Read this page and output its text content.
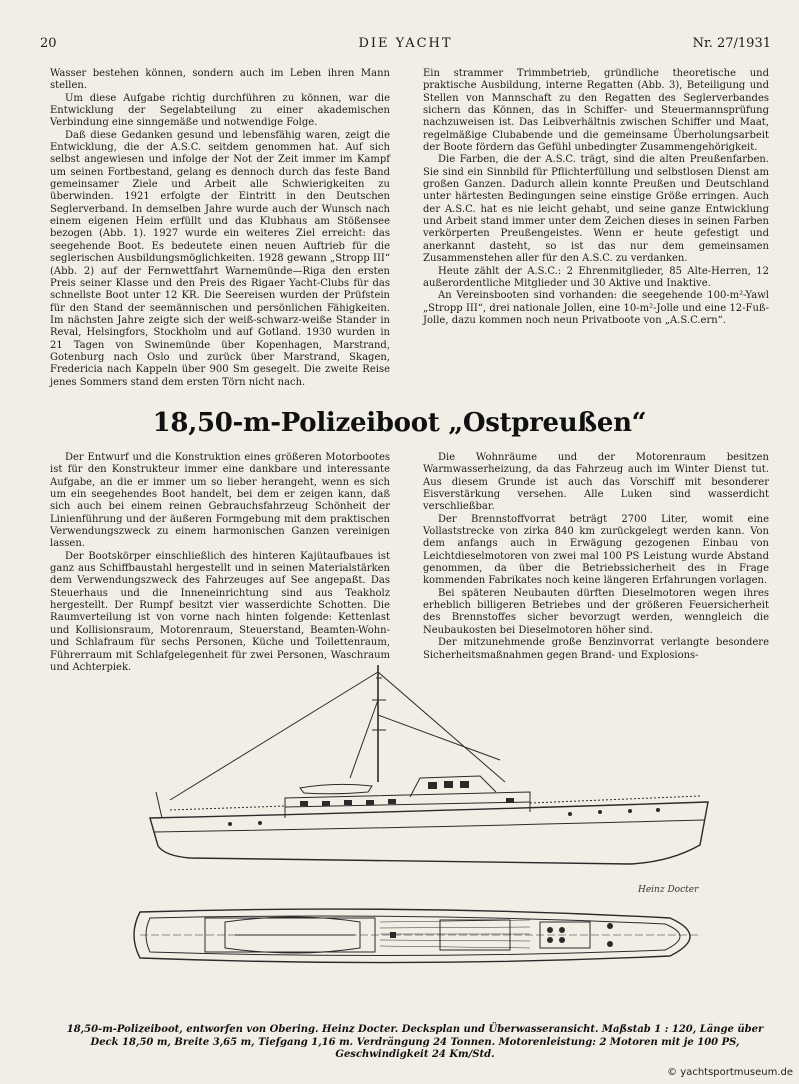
20	DIE YACHT	Nr. 27/1931

Wasser bestehen können, sondern auch im Leben ihren Mann stellen.

Um diese Aufgabe richtig durchführen zu können, war die Entwicklung der Segelabteilung zu einer akademischen Verbindung eine sinngemäße und notwendige Folge.

Daß diese Gedanken gesund und lebensfähig waren, zeigt die Entwicklung, die der A.S.C. seitdem genommen hat. Auf sich selbst angewiesen und infolge der Not der Zeit immer im Kampf um seinen Fortbestand, gelang es dennoch durch das feste Band gemeinsamer Ziele und Arbeit alle Schwierigkeiten zu überwinden. 1921 erfolgte der Eintritt in den Deutschen Seglerverband. In demselben Jahre wurde auch der Wunsch nach einem eigenen Heim erfüllt und das Klubhaus am Stößensee bezogen (Abb. 1). 1927 wurde ein weiteres Ziel erreicht: das seegehende Boot. Es bedeutete einen neuen Auftrieb für die seglerischen Ausbildungsmöglichkeiten. 1928 gewann „Stropp III“ (Abb. 2) auf der Fernwettfahrt Warnemünde—Riga den ersten Preis seiner Klasse und den Preis des Rigaer Yacht-Clubs für das schnellste Boot unter 12 KR. Die Seereisen wurden der Prüfstein für den Stand der seemännischen und persönlichen Fähigkeiten. Im nächsten Jahre zeigte sich der weiß-schwarz-weiße Stander in Reval, Helsingfors, Stockholm und auf Gotland. 1930 wurden in 21 Tagen von Swinemünde über Kopenhagen, Marstrand, Gotenburg nach Oslo und zurück über Marstrand, Skagen, Fredericia nach Kappeln über 900 Sm gesegelt. Die zweite Reise jenes Sommers stand dem ersten Törn nicht nach.

Ein strammer Trimmbetrieb, gründliche theoretische und praktische Ausbildung, interne Regatten (Abb. 3), Beteiligung und Stellen von Mannschaft zu den Regatten des Seglerverbandes sichern das Können, das in Schiffer- und Steuermannsprüfung nachzuweisen ist. Das Leibverhältnis zwischen Schiffer und Maat, regelmäßige Clubabende und die gemeinsame Überholungsarbeit der Boote fördern das Gefühl unbedingter Zusammengehörigkeit.

Die Farben, die der A.S.C. trägt, sind die alten Preußenfarben. Sie sind ein Sinnbild für Pflichterfüllung und selbstlosen Dienst am großen Ganzen. Dadurch allein konnte Preußen und Deutschland unter härtesten Bedingungen seine einstige Größe erringen. Auch der A.S.C. hat es nie leicht gehabt, und seine ganze Entwicklung und Arbeit stand immer unter dem Zeichen dieses in seinen Farben verkörperten Preußengeistes. Wenn er heute gefestigt und anerkannt dasteht, so ist das nur dem gemeinsamen Zusammenstehen aller für den A.S.C. zu verdanken.

Heute zählt der A.S.C.: 2 Ehrenmitglieder, 85 Alte-Herren, 12 außerordentliche Mitglieder und 30 Aktive und Inaktive.

An Vereinsbooten sind vorhanden: die seegehende 100-m²-Yawl „Stropp III“, drei nationale Jollen, eine 10-m²-Jolle und eine 12-Fuß-Jolle, dazu kommen noch neun Privatboote von „A.S.C.ern“.

18,50-m-Polizeiboot „Ostpreußen“

Der Entwurf und die Konstruktion eines größeren Motorbootes ist für den Konstrukteur immer eine dankbare und interessante Aufgabe, an die er immer um so lieber herangeht, wenn es sich um ein seegehendes Boot handelt, bei dem er zeigen kann, daß sich auch bei einem reinen Gebrauchsfahrzeug Schönheit der Linienführung und der äußeren Formgebung mit dem praktischen Verwendungszweck zu einem harmonischen Ganzen vereinigen lassen.

Der Bootskörper einschließlich des hinteren Kajütaufbaues ist ganz aus Schiffbaustahl hergestellt und in seinen Materialstärken dem Verwendungszweck des Fahrzeuges auf See angepaßt. Das Steuerhaus und die Inneneinrichtung sind aus Teakholz hergestellt. Der Rumpf besitzt vier wasserdichte Schotten. Die Raumverteilung ist von vorne nach hinten folgende: Kettenlast und Kollisionsraum, Motorenraum, Steuerstand, Beamten-Wohn- und Schlafraum für sechs Personen, Küche und Toilettenraum, Führerraum mit Schlafgelegenheit für zwei Personen, Waschraum und Achterpiek.

Die Wohnräume und der Motorenraum besitzen Warmwasserheizung, da das Fahrzeug auch im Winter Dienst tut. Aus diesem Grunde ist auch das Vorschiff mit besonderer Eisverstärkung versehen. Alle Luken sind wasserdicht verschließbar.

Der Brennstoffvorrat beträgt 2700 Liter, womit eine Vollaststrecke von zirka 840 km zurückgelegt werden kann. Von dem anfangs auch in Erwägung gezogenen Einbau von Leichtdieselmotoren von zwei mal 100 PS Leistung wurde Abstand genommen, da über die Betriebssicherheit des in Frage kommenden Fabrikates noch keine längeren Erfahrungen vorlagen.

Bei späteren Neubauten dürften Dieselmotoren wegen ihres erheblich billigeren Betriebes und der größeren Feuersicherheit des Brennstoffes sicher bevorzugt werden, wenngleich die Neubaukosten bei Dieselmotoren höher sind.

Der mitzunehmende große Benzinvorrat verlangte besondere Sicherheitsmaßnahmen gegen Brand- und Explosions-

Heinz Docter
18,50-m-Polizeiboot, entworfen von Obering. Heinz Docter. Decksplan und Überwasseransicht. Maßstab 1 : 120, Länge über Deck 18,50 m, Breite 3,65 m, Tiefgang 1,16 m. Verdrängung 24 Tonnen. Motorenleistung: 2 Motoren mit je 100 PS, Geschwindigkeit 24 Km/Std.
© yachtsportmuseum.de
